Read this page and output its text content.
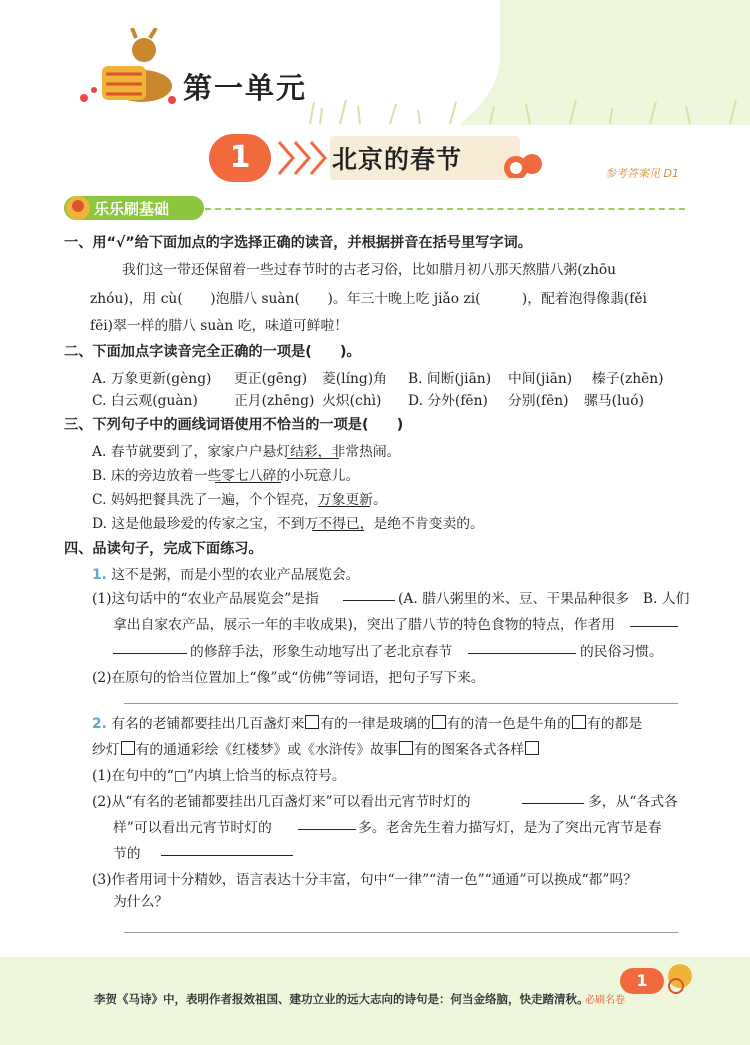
第一单元
1	北京的春节	参考答案见 D1
乐乐刷基础
一、用“√”给下面加点的字选择正确的读音，并根据拼音在括号里写字词。
我们这一带还保留着一些过春节时的古老习俗，比如腊月初八那天熬腊八粥(zhōu
zhóu)，用 cù(　　)泡腊八 suàn(　　)。年三十晚上吃 jiǎo zi(　　　)，配着泡得像翡(fěi
fēi)翠一样的腊八 suàn 吃，味道可鲜啦！
二、下面加点字读音完全正确的一项是(　　)。
A. 万象更新(gèng) 更正(gēng) 菱(líng)角 B. 间断(jiān) 中间(jiān) 榛子(zhēn)
C. 白云观(guàn)	正月(zhēng) 火炽(chì) D. 分外(fēn) 分别(fēn) 骡马(luó)
三、下列句子中的画线词语使用不恰当的一项是(　　)
A. 春节就要到了，家家户户悬灯结彩，非常热闹。
B. 床的旁边放着一些零七八碎的小玩意儿。
C. 妈妈把餐具洗了一遍，个个锃亮，万象更新。
D. 这是他最珍爱的传家之宝，不到万不得已，是绝不肯变卖的。
四、品读句子，完成下面练习。
1. 这不是粥，而是小型的农业产品展览会。
(1)这句话中的“农业产品展览会”是指	(A. 腊八粥里的米、豆、干果品种很多　B. 人们
拿出自家农产品，展示一年的丰收成果)，突出了腊八节的特色食物的特点，作者用
的修辞手法，形象生动地写出了老北京春节	的民俗习惯。
(2)在原句的恰当位置加上“像”或“仿佛”等词语，把句子写下来。
2. 有名的老铺都要挂出几百盏灯来 有的一律是玻璃的 有的清一色是牛角的 有的都是
纱灯 有的通通彩绘《红楼梦》或《水浒传》故事 有的图案各式各样
(1)在句中的“□”内填上恰当的标点符号。
(2)从“有名的老铺都要挂出几百盏灯来”可以看出元宵节时灯的	多，从“各式各
样”可以看出元宵节时灯的	多。老舍先生着力描写灯，是为了突出元宵节是春
节的
(3)作者用词十分精妙，语言表达十分丰富，句中“一律”“清一色”“通通”可以换成“都”吗？
为什么？
李贺《马诗》中，表明作者报效祖国、建功立业的远大志向的诗句是：何当金络脑，快走踏清秋。
1
必刷名卷
